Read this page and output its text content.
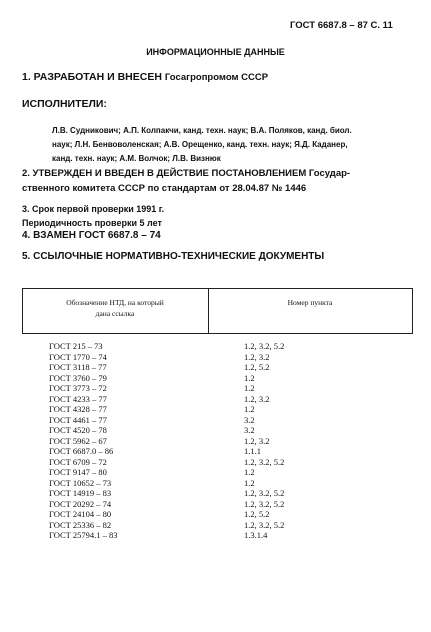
ГОСТ 6687.8 – 87 С. 11
ИНФОРМАЦИОННЫЕ ДАННЫЕ
1. РАЗРАБОТАН И ВНЕСЕН Госагропромом СССР
ИСПОЛНИТЕЛИ:
Л.В. Судникович; А.П. Колпакчи, канд. техн. наук; В.А. Поляков, канд. биол.
наук; Л.Н. Бенвоволенская; А.В. Орещенко, канд. техн. наук; Я.Д. Каданер,
канд. техн. наук; А.М. Волчок; Л.В. Визнюк
2. УТВЕРЖДЕН И ВВЕДЕН В ДЕЙСТВИЕ ПОСТАНОВЛЕНИЕМ Государ-
ственного комитета СССР по стандартам от 28.04.87 № 1446
3. Срок первой проверки 1991 г.
Периодичность проверки 5 лет
4. ВЗАМЕН ГОСТ 6687.8 – 74
5. ССЫЛОЧНЫЕ НОРМАТИВНО-ТЕХНИЧЕСКИЕ ДОКУМЕНТЫ
Обозначение НТД, на который
дана ссылка
Номер пункта
ГОСТ 215 – 73
ГОСТ 1770 – 74
ГОСТ 3118 – 77
ГОСТ 3760 – 79
ГОСТ 3773 – 72
ГОСТ 4233 – 77
ГОСТ 4328 – 77
ГОСТ 4461 – 77
ГОСТ 4520 – 78
ГОСТ 5962 – 67
ГОСТ 6687.0 – 86
ГОСТ 6709 – 72
ГОСТ 9147 – 80
ГОСТ 10652 – 73
ГОСТ 14919 – 83
ГОСТ 20292 – 74
ГОСТ 24104 – 80
ГОСТ 25336 – 82
ГОСТ 25794.1 – 83
1.2, 3.2, 5.2
1.2, 3.2
1.2, 5.2
1.2
1.2
1.2, 3.2
1.2
3.2
3.2
1.2, 3.2
1.1.1
1.2, 3.2, 5.2
1.2
1.2
1.2, 3.2, 5.2
1.2, 3.2, 5.2
1.2, 5.2
1.2, 3.2, 5.2
1.3.1.4
